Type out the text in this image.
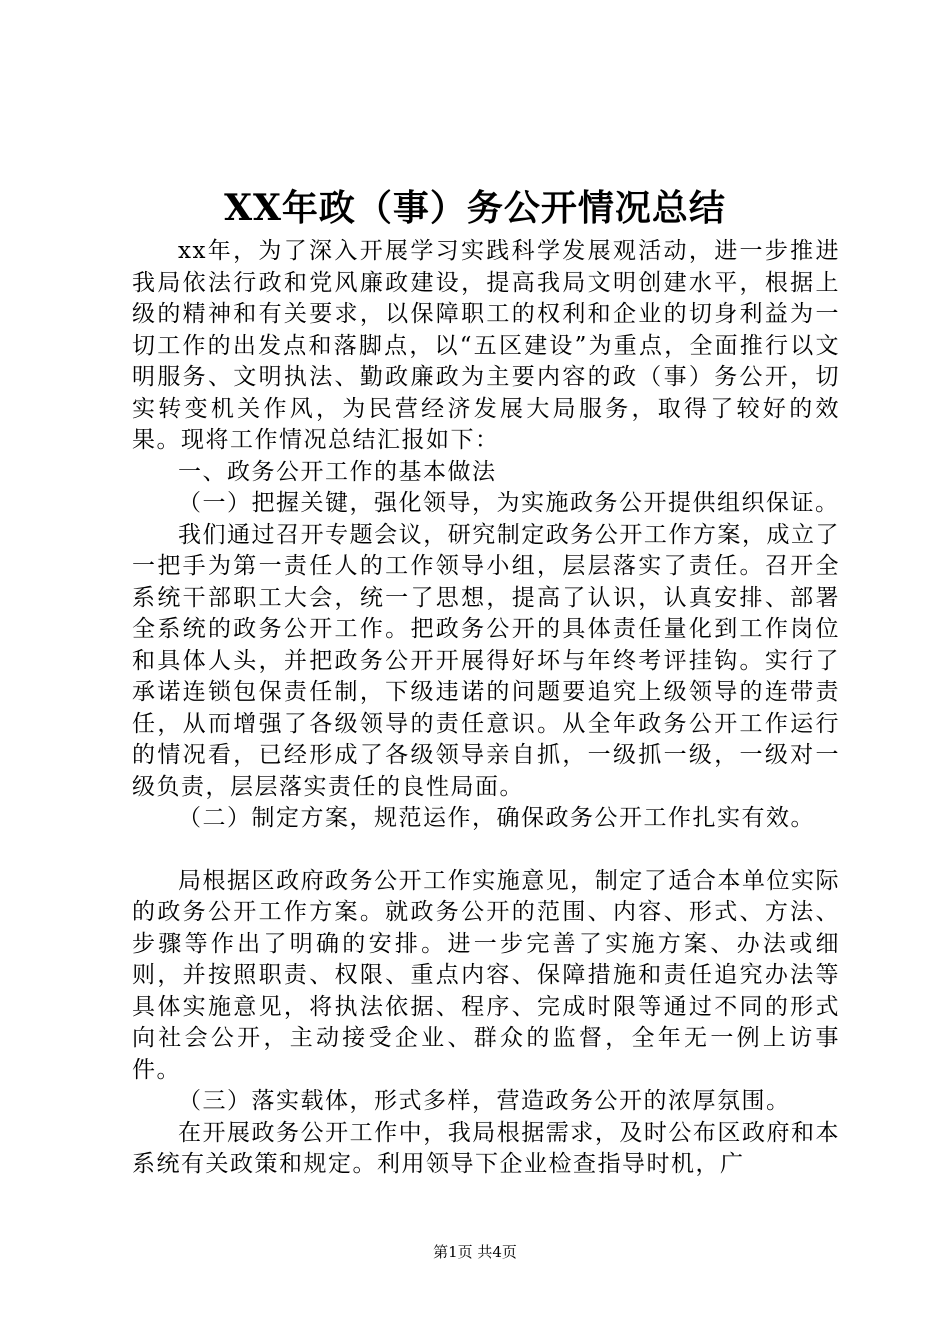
XX年政（事）务公开情况总结

xx年，为了深入开展学习实践科学发展观活动，进一步推进我局依法行政和党风廉政建设，提高我局文明创建水平，根据上级的精神和有关要求，以保障职工的权利和企业的切身利益为一切工作的出发点和落脚点，以“五区建设”为重点，全面推行以文明服务、文明执法、勤政廉政为主要内容的政（事）务公开，切实转变机关作风，为民营经济发展大局服务，取得了较好的效果。现将工作情况总结汇报如下：

一、政务公开工作的基本做法

（一）把握关键，强化领导，为实施政务公开提供组织保证。

我们通过召开专题会议，研究制定政务公开工作方案，成立了一把手为第一责任人的工作领导小组，层层落实了责任。召开全系统干部职工大会，统一了思想，提高了认识，认真安排、部署全系统的政务公开工作。把政务公开的具体责任量化到工作岗位和具体人头，并把政务公开开展得好坏与年终考评挂钩。实行了承诺连锁包保责任制，下级违诺的问题要追究上级领导的连带责任，从而增强了各级领导的责任意识。从全年政务公开工作运行的情况看，已经形成了各级领导亲自抓，一级抓一级，一级对一级负责，层层落实责任的良性局面。

（二）制定方案，规范运作，确保政务公开工作扎实有效。

局根据区政府政务公开工作实施意见，制定了适合本单位实际的政务公开工作方案。就政务公开的范围、内容、形式、方法、步骤等作出了明确的安排。进一步完善了实施方案、办法或细则，并按照职责、权限、重点内容、保障措施和责任追究办法等具体实施意见，将执法依据、程序、完成时限等通过不同的形式向社会公开，主动接受企业、群众的监督，全年无一例上访事件。

（三）落实载体，形式多样，营造政务公开的浓厚氛围。

在开展政务公开工作中，我局根据需求，及时公布区政府和本系统有关政策和规定。利用领导下企业检查指导时机，广

第1页 共4页
